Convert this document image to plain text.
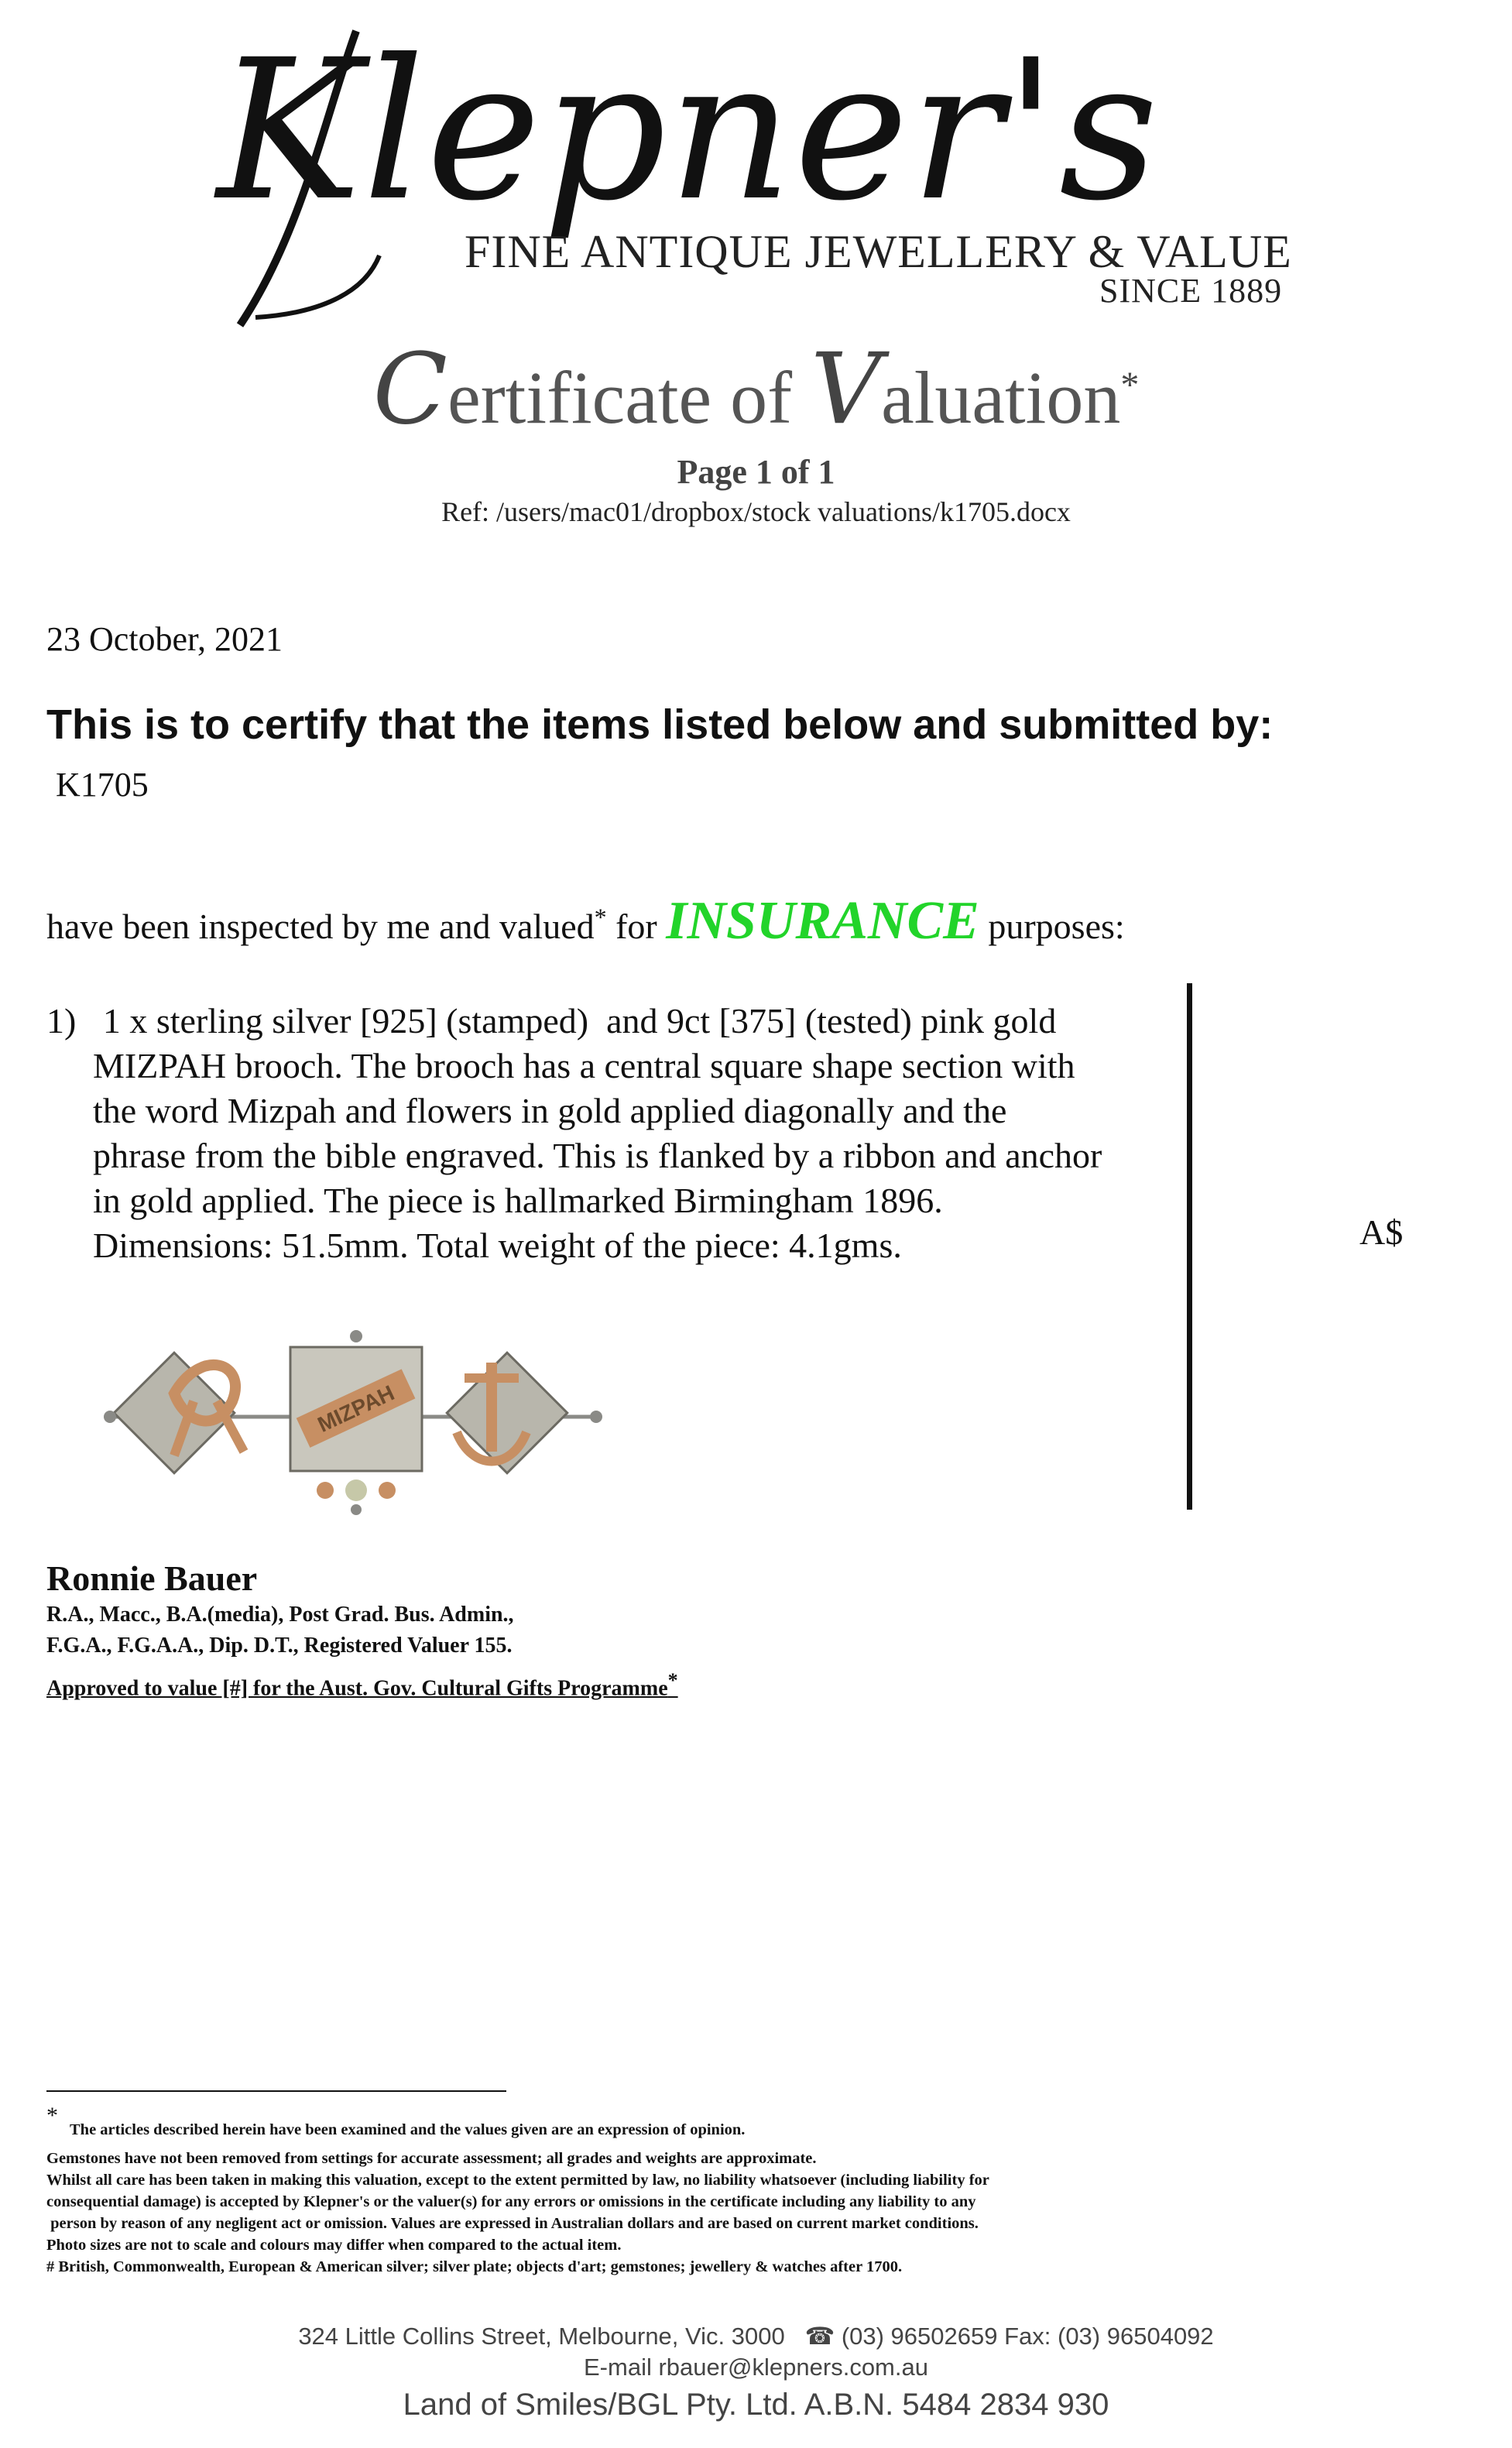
Klepner's
FINE ANTIQUE JEWELLERY & VALUERS
SINCE 1889
Certificate of Valuation*
Page 1 of 1
Ref: /users/mac01/dropbox/stock valuations/k1705.docx
23 October, 2021
This is to certify that the items listed below and submitted by:
K1705
have been inspected by me and valued* for INSURANCE purposes:
1) 1 x sterling silver [925] (stamped)  and 9ct [375] (tested) pink gold
MIZPAH brooch. The brooch has a central square shape section with
the word Mizpah and flowers in gold applied diagonally and the
phrase from the bible engraved. This is flanked by a ribbon and anchor
in gold applied. The piece is hallmarked Birmingham 1896.
Dimensions: 51.5mm. Total weight of the piece: 4.1gms.	A$
MIZPAH
Ronnie Bauer
R.A., Macc., B.A.(media), Post Grad. Bus. Admin.,
F.G.A., F.G.A.A., Dip. D.T., Registered Valuer 155.
Approved to value [#] for the Aust. Gov. Cultural Gifts Programme*
*
The articles described herein have been examined and the values given are an expression of opinion.
Gemstones have not been removed from settings for accurate assessment; all grades and weights are approximate.
Whilst all care has been taken in making this valuation, except to the extent permitted by law, no liability whatsoever (including liability for
consequential damage) is accepted by Klepner's or the valuer(s) for any errors or omissions in the certificate including any liability to any
person by reason of any negligent act or omission. Values are expressed in Australian dollars and are based on current market conditions.
Photo sizes are not to scale and colours may differ when compared to the actual item.
# British, Commonwealth, European & American silver; silver plate; objects d'art; gemstones; jewellery & watches after 1700.
324 Little Collins Street, Melbourne, Vic. 3000 ☎ (03) 96502659 Fax: (03) 96504092
E-mail rbauer@klepners.com.au
Land of Smiles/BGL Pty. Ltd. A.B.N. 5484 2834 930
